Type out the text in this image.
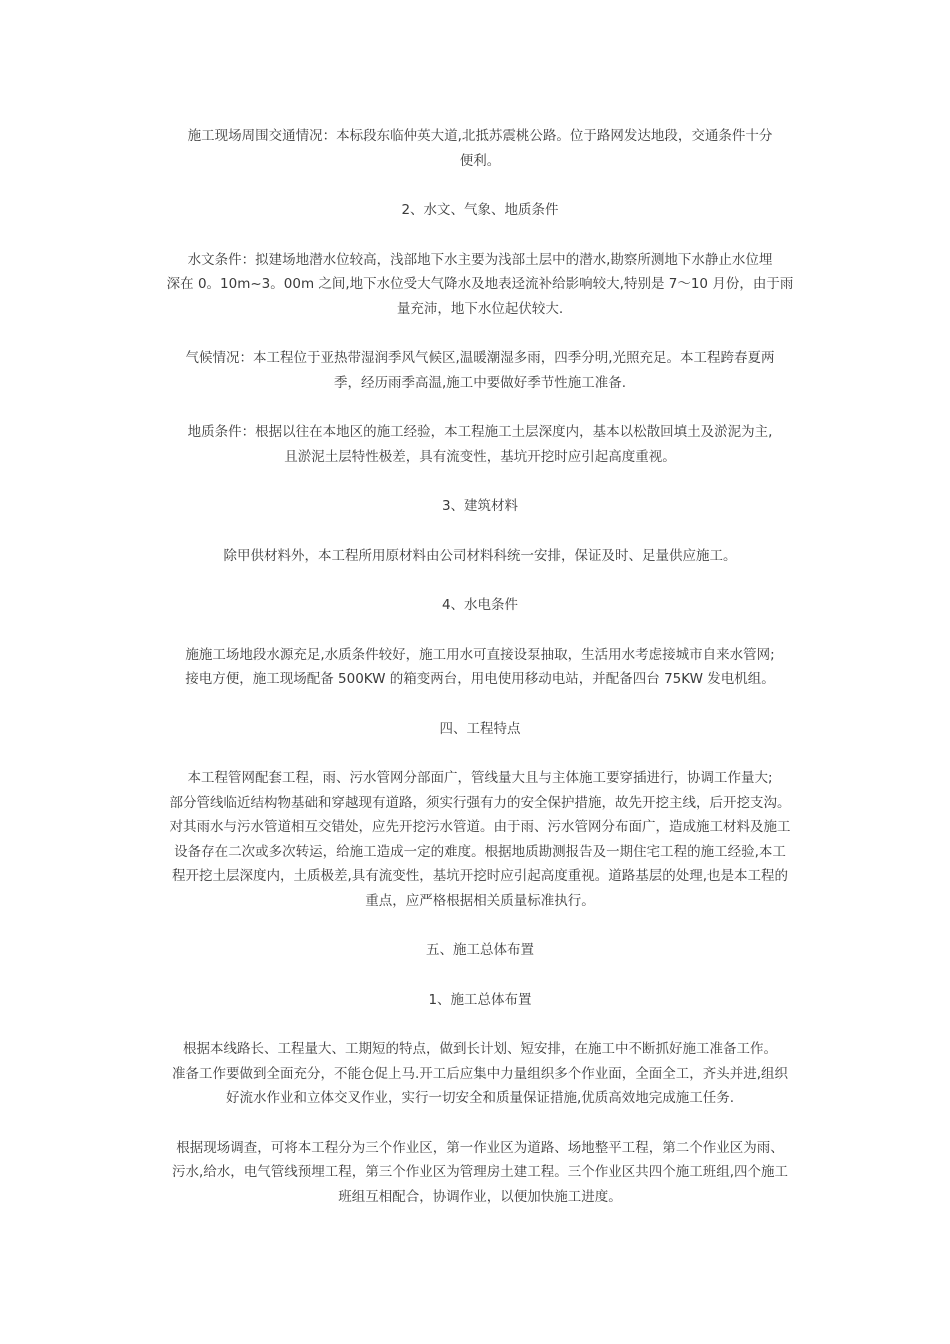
施工现场周围交通情况：本标段东临仲英大道,北抵苏震桃公路。位于路网发达地段，交通条件十分
便利。

2、水文、气象、地质条件

水文条件：拟建场地潜水位较高，浅部地下水主要为浅部土层中的潜水,勘察所测地下水静止水位埋
深在 0。10m~3。00m 之间,地下水位受大气降水及地表迳流补给影响较大,特别是 7～10 月份，由于雨
量充沛，地下水位起伏较大.

气候情况：本工程位于亚热带湿润季风气候区,温暖潮湿多雨，四季分明,光照充足。本工程跨春夏两
季，经历雨季高温,施工中要做好季节性施工准备.

地质条件：根据以往在本地区的施工经验，本工程施工土层深度内，基本以松散回填土及淤泥为主,
且淤泥土层特性极差，具有流变性，基坑开挖时应引起高度重视。

3、建筑材料

除甲供材料外，本工程所用原材料由公司材料科统一安排，保证及时、足量供应施工。

4、水电条件

施施工场地段水源充足,水质条件较好，施工用水可直接设泵抽取，生活用水考虑接城市自来水管网;
接电方便，施工现场配备 500KW 的箱变两台，用电使用移动电站，并配备四台 75KW 发电机组。

四、工程特点

本工程管网配套工程，雨、污水管网分部面广，管线量大且与主体施工要穿插进行，协调工作量大;
部分管线临近结构物基础和穿越现有道路，须实行强有力的安全保护措施，故先开挖主线，后开挖支沟。
对其雨水与污水管道相互交错处，应先开挖污水管道。由于雨、污水管网分布面广，造成施工材料及施工
设备存在二次或多次转运，给施工造成一定的难度。根据地质勘测报告及一期住宅工程的施工经验,本工
程开挖土层深度内，土质极差,具有流变性，基坑开挖时应引起高度重视。道路基层的处理,也是本工程的
重点，应严格根据相关质量标准执行。

五、施工总体布置

1、施工总体布置

根据本线路长、工程量大、工期短的特点，做到长计划、短安排，在施工中不断抓好施工准备工作。
准备工作要做到全面充分，不能仓促上马.开工后应集中力量组织多个作业面，全面全工，齐头并进,组织
好流水作业和立体交叉作业，实行一切安全和质量保证措施,优质高效地完成施工任务.

根据现场调查，可将本工程分为三个作业区，第一作业区为道路、场地整平工程，第二个作业区为雨、
污水,给水，电气管线预埋工程，第三个作业区为管理房土建工程。三个作业区共四个施工班组,四个施工
班组互相配合，协调作业，以便加快施工进度。
